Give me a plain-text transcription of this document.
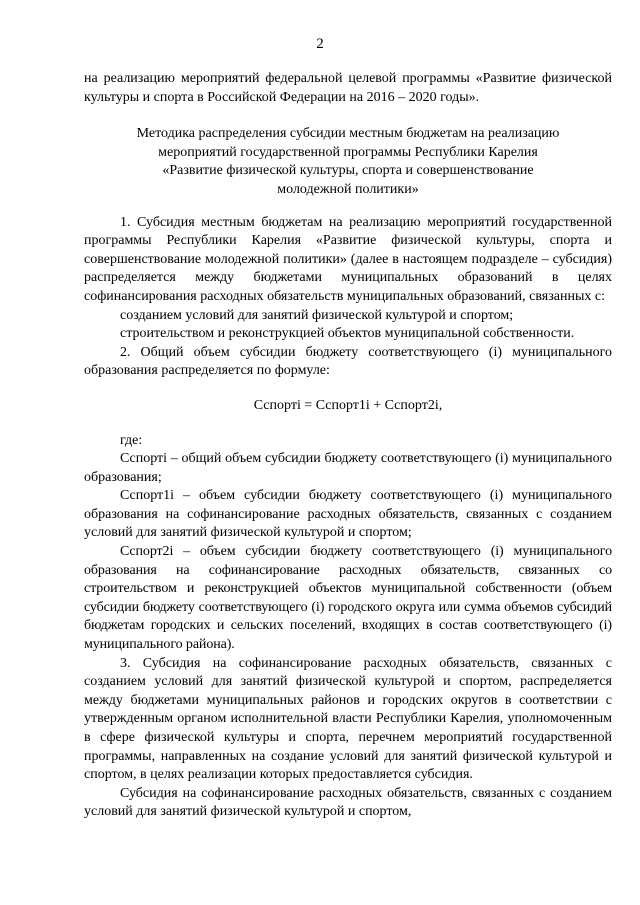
2

на реализацию мероприятий федеральной целевой программы «Развитие физической культуры и спорта в Российской Федерации на 2016 – 2020 годы».

Методика распределения субсидии местным бюджетам на реализацию
мероприятий государственной программы Республики Карелия
«Развитие физической культуры, спорта и совершенствование
молодежной политики»

1. Субсидия местным бюджетам на реализацию мероприятий государственной программы Республики Карелия «Развитие физической культуры, спорта и совершенствование молодежной политики» (далее в настоящем подразделе – субсидия) распределяется между бюджетами муниципальных образований в целях софинансирования расходных обязательств муниципальных образований, связанных с:

созданием условий для занятий физической культурой и спортом;

строительством и реконструкцией объектов муниципальной собственности.

2. Общий объем субсидии бюджету соответствующего (i) муниципального образования распределяется по формуле:

Сспортi = Сспорт1i + Сспорт2i,

где:

Сспортi – общий объем субсидии бюджету соответствующего (i) муниципального образования;

Сспорт1i – объем субсидии бюджету соответствующего (i) муниципального образования на софинансирование расходных обязательств, связанных с созданием условий для занятий физической культурой и спортом;

Сспорт2i – объем субсидии бюджету соответствующего (i) муниципального образования на софинансирование расходных обязательств, связанных со строительством и реконструкцией объектов муниципальной собственности (объем субсидии бюджету соответствующего (i) городского округа или сумма объемов субсидий бюджетам городских и сельских поселений, входящих в состав соответствующего (i) муниципального района).

3. Субсидия на софинансирование расходных обязательств, связанных с созданием условий для занятий физической культурой и спортом, распределяется между бюджетами муниципальных районов и городских округов в соответствии с утвержденным органом исполнительной власти Республики Карелия, уполномоченным в сфере физической культуры и спорта, перечнем мероприятий государственной программы, направленных на создание условий для занятий физической культурой и спортом, в целях реализации которых предоставляется субсидия.

Субсидия на софинансирование расходных обязательств, связанных с созданием условий для занятий физической культурой и спортом,
